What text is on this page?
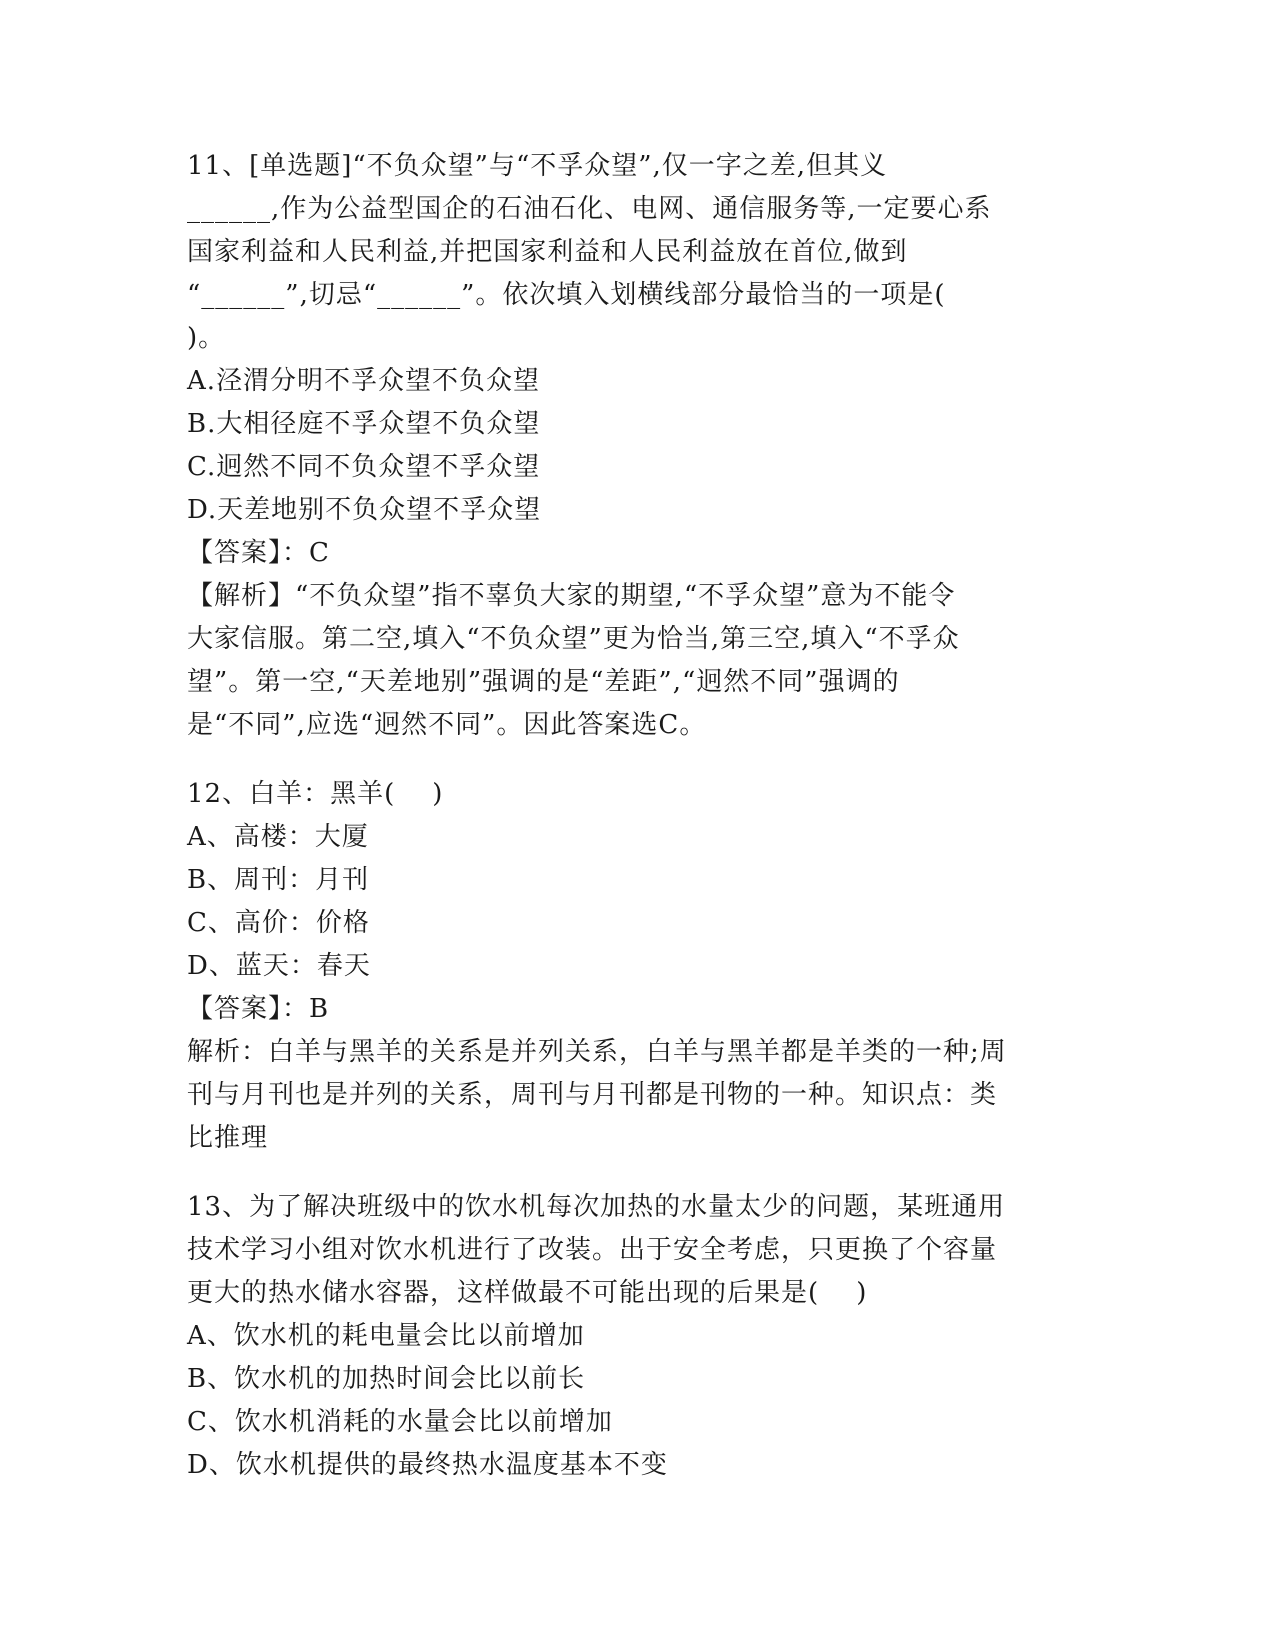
11、[单选题]“不负众望”与“不孚众望”,仅一字之差,但其义

______,作为公益型国企的石油石化、电网、通信服务等,一定要心系

国家利益和人民利益,并把国家利益和人民利益放在首位,做到

“______”,切忌“______”。依次填入划横线部分最恰当的一项是(

)。

A.泾渭分明不孚众望不负众望

B.大相径庭不孚众望不负众望

C.迥然不同不负众望不孚众望

D.天差地别不负众望不孚众望

【答案】：C

【解析】“不负众望”指不辜负大家的期望,“不孚众望”意为不能令

大家信服。第二空,填入“不负众望”更为恰当,第三空,填入“不孚众

望”。第一空,“天差地别”强调的是“差距”,“迥然不同”强调的

是“不同”,应选“迥然不同”。因此答案选C。

12、白羊：黑羊(    )

A、高楼：大厦

B、周刊：月刊

C、高价：价格

D、蓝天：春天

【答案】：B

解析：白羊与黑羊的关系是并列关系，白羊与黑羊都是羊类的一种;周

刊与月刊也是并列的关系，周刊与月刊都是刊物的一种。知识点：类

比推理

13、为了解决班级中的饮水机每次加热的水量太少的问题，某班通用

技术学习小组对饮水机进行了改装。出于安全考虑，只更换了个容量

更大的热水储水容器，这样做最不可能出现的后果是(    )

A、饮水机的耗电量会比以前增加

B、饮水机的加热时间会比以前长

C、饮水机消耗的水量会比以前增加

D、饮水机提供的最终热水温度基本不变
